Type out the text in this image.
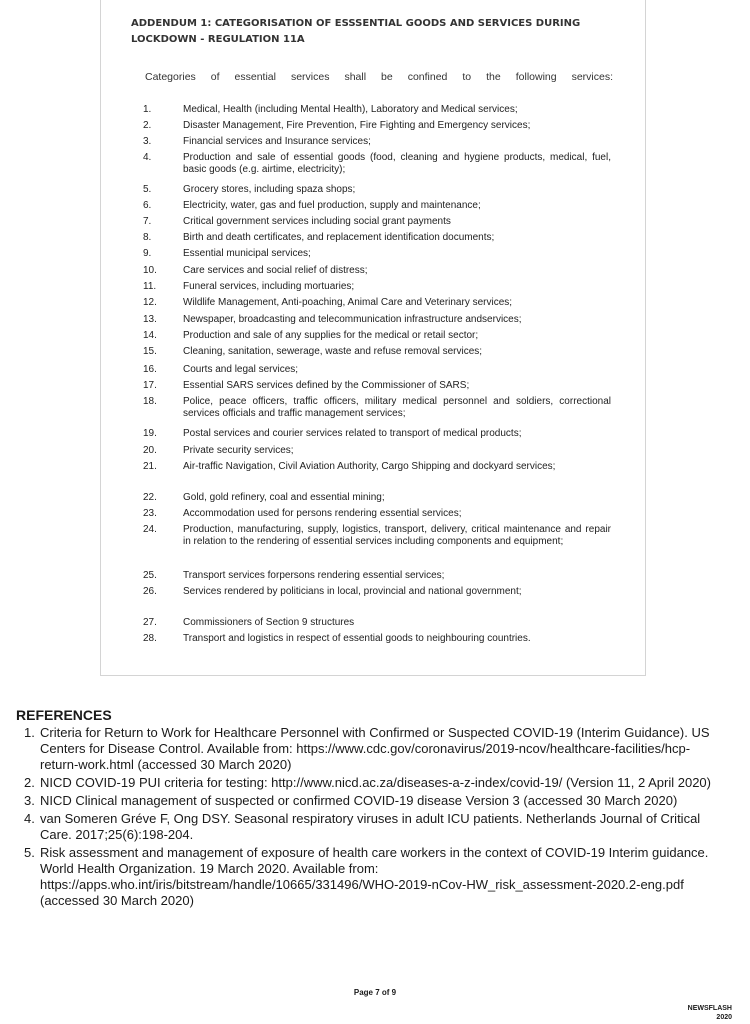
ADDENDUM 1: CATEGORISATION OF ESSSENTIAL GOODS AND SERVICES DURING LOCKDOWN - REGULATION 11A
Categories of essential services shall be confined to the following services:
1.	Medical, Health (including Mental Health), Laboratory and Medical services;
2.	Disaster Management, Fire Prevention, Fire Fighting and Emergency services;
3.	Financial services and Insurance services;
4.	Production and sale of essential goods (food, cleaning and hygiene products, medical, fuel, basic goods (e.g. airtime, electricity);
5.	Grocery stores, including spaza shops;
6.	Electricity, water, gas and fuel production, supply and maintenance;
7.	Critical government services including social grant payments
8.	Birth and death certificates, and replacement identification documents;
9.	Essential municipal services;
10.	Care services and social relief of distress;
11.	Funeral services, including mortuaries;
12.	Wildlife Management, Anti-poaching, Animal Care and Veterinary services;
13.	Newspaper, broadcasting and telecommunication infrastructure andservices;
14.	Production and sale of any supplies for the medical or retail sector;
15.	Cleaning, sanitation, sewerage, waste and refuse removal services;
16.	Courts and legal services;
17.	Essential SARS services defined by the Commissioner of SARS;
18.	Police, peace officers, traffic officers, military medical personnel and soldiers, correctional services officials and traffic management services;
19.	Postal services and courier services related to transport of medical products;
20.	Private security services;
21.	Air-traffic Navigation, Civil Aviation Authority, Cargo Shipping and dockyard services;
22.	Gold, gold refinery, coal and essential mining;
23.	Accommodation used for persons rendering essential services;
24.	Production, manufacturing, supply, logistics, transport, delivery, critical maintenance and repair in relation to the rendering of essential services including components and equipment;
25.	Transport services forpersons rendering essential services;
26.	Services rendered by politicians in local, provincial and national government;
27.	Commissioners of Section 9 structures
28.	Transport and logistics in respect of essential goods to neighbouring countries.
REFERENCES
1. Criteria for Return to Work for Healthcare Personnel with Confirmed or Suspected COVID-19 (Interim Guidance). US Centers for Disease Control. Available from: https://www.cdc.gov/coronavirus/2019-ncov/healthcare-facilities/hcp-return-work.html (accessed 30 March 2020)
2. NICD COVID-19 PUI criteria for testing: http://www.nicd.ac.za/diseases-a-z-index/covid-19/ (Version 11, 2 April 2020)
3. NICD Clinical management of suspected or confirmed COVID-19 disease Version 3 (accessed 30 March 2020)
4. van Someren Gréve F, Ong DSY. Seasonal respiratory viruses in adult ICU patients. Netherlands Journal of Critical Care. 2017;25(6):198-204.
5. Risk assessment and management of exposure of health care workers in the context of COVID-19 Interim guidance. World Health Organization. 19 March 2020. Available from: https://apps.who.int/iris/bitstream/handle/10665/331496/WHO-2019-nCov-HW_risk_assessment-2020.2-eng.pdf (accessed 30 March 2020)
Page 7 of 9
NEWSFLASH
2020
